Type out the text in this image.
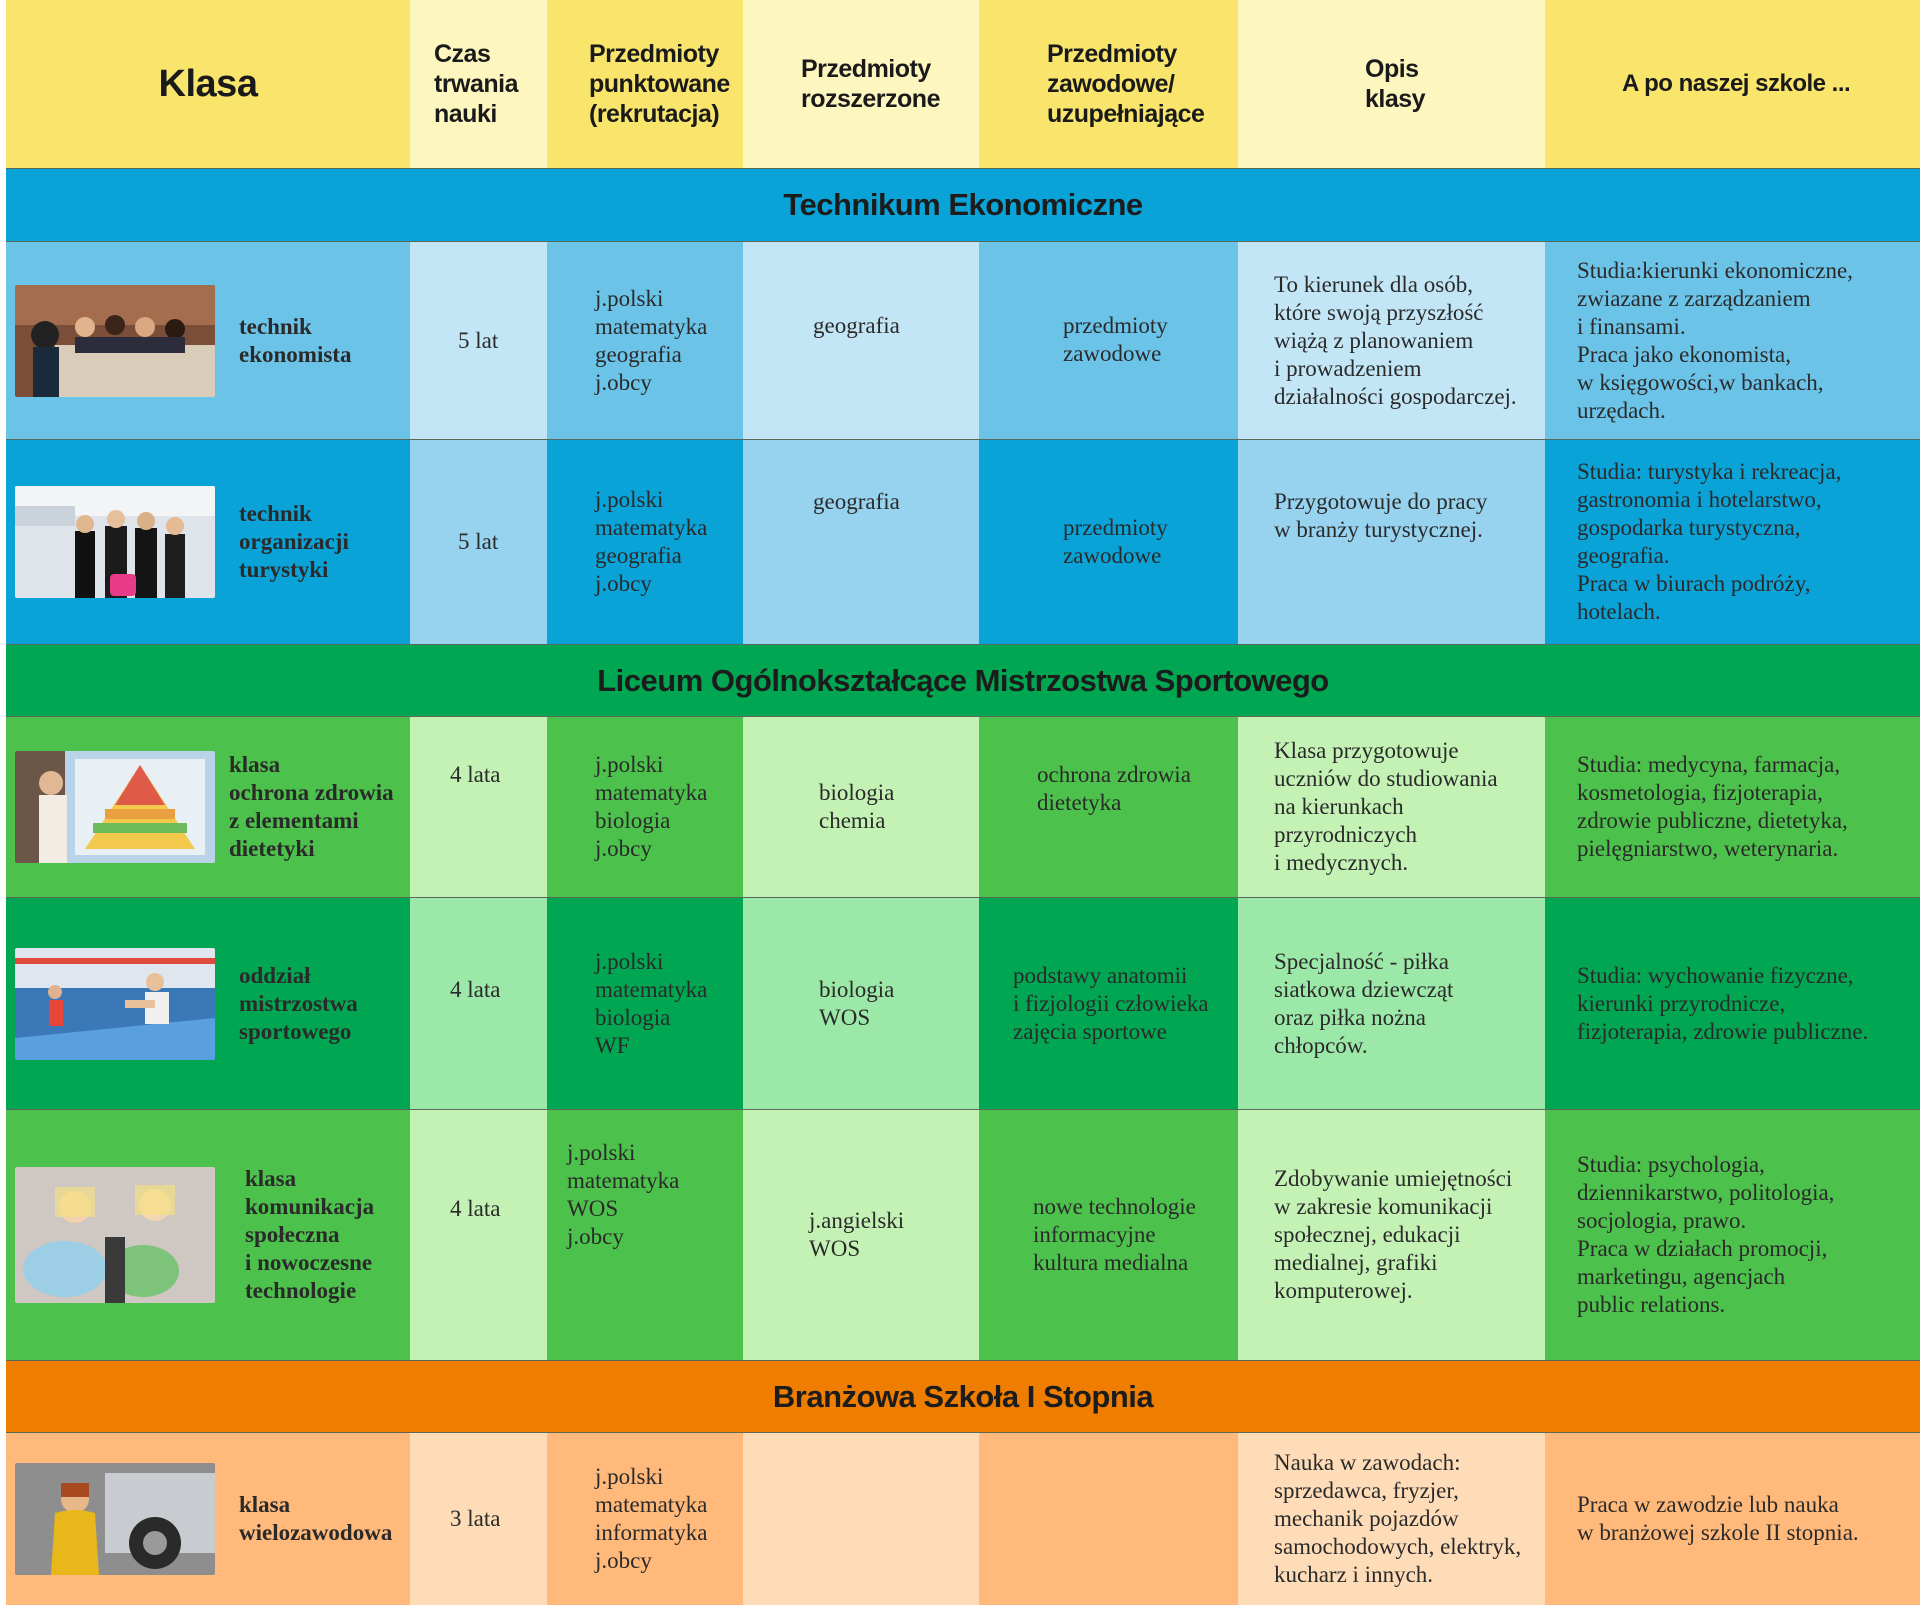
Klasa
Czas
trwania
nauki
Przedmioty
punktowane
(rekrutacja)
Przedmioty
rozszerzone
Przedmioty
zawodowe/
uzupełniające
Opis
klasy
A po naszej szkole ...
Technikum Ekonomiczne
technik
ekonomista
5 lat
j.polski
matematyka
geografia
j.obcy
geografia	przedmioty
zawodowe
To kierunek dla osób,
które swoją przyszłość
wiążą z planowaniem
i prowadzeniem
działalności gospodarczej.
Studia:kierunki ekonomiczne,
zwiazane z zarządzaniem
i finansami.
Praca jako ekonomista,
w księgowości,w bankach,
urzędach.
technik
organizacji
turystyki
5 lat
j.polski
matematyka
geografia
j.obcy
geografia
przedmioty
zawodowe
Przygotowuje do pracy
w branży turystycznej.
Studia: turystyka i rekreacja,
gastronomia i hotelarstwo,
gospodarka turystyczna,
geografia.
Praca w biurach podróży,
hotelach.
Liceum Ogólnokształcące Mistrzostwa Sportowego
klasa
ochrona zdrowia
z elementami
dietetyki
4 lata	j.polski
matematyka
biologia
j.obcy
biologia
chemia
ochrona zdrowia
dietetyka
Klasa przygotowuje
uczniów do studiowania
na kierunkach
przyrodniczych
i medycznych.
Studia: medycyna, farmacja,
kosmetologia, fizjoterapia,
zdrowie publiczne, dietetyka,
pielęgniarstwo, weterynaria.
oddział
mistrzostwa
sportowego
4 lata
j.polski
matematyka
biologia
WF
biologia
WOS
podstawy anatomii
i fizjologii człowieka
zajęcia sportowe
Specjalność - piłka
siatkowa dziewcząt
oraz piłka nożna
chłopców.
Studia: wychowanie fizyczne,
kierunki przyrodnicze,
fizjoterapia, zdrowie publiczne.
klasa
komunikacja
społeczna
i nowoczesne
technologie
4 lata
j.polski
matematyka
WOS
j.obcy
j.angielski
WOS
nowe technologie
informacyjne
kultura medialna
Zdobywanie umiejętności
w zakresie komunikacji
społecznej, edukacji
medialnej, grafiki
komputerowej.
Studia: psychologia,
dziennikarstwo, politologia,
socjologia, prawo.
Praca w działach promocji,
marketingu, agencjach
public relations.
Branżowa Szkoła I Stopnia
klasa
wielozawodowa
3 lata
j.polski
matematyka
informatyka
j.obcy
Nauka w zawodach:
sprzedawca, fryzjer,
mechanik pojazdów
samochodowych, elektryk,
kucharz i innych.
Praca w zawodzie lub nauka
w branżowej szkole II stopnia.
